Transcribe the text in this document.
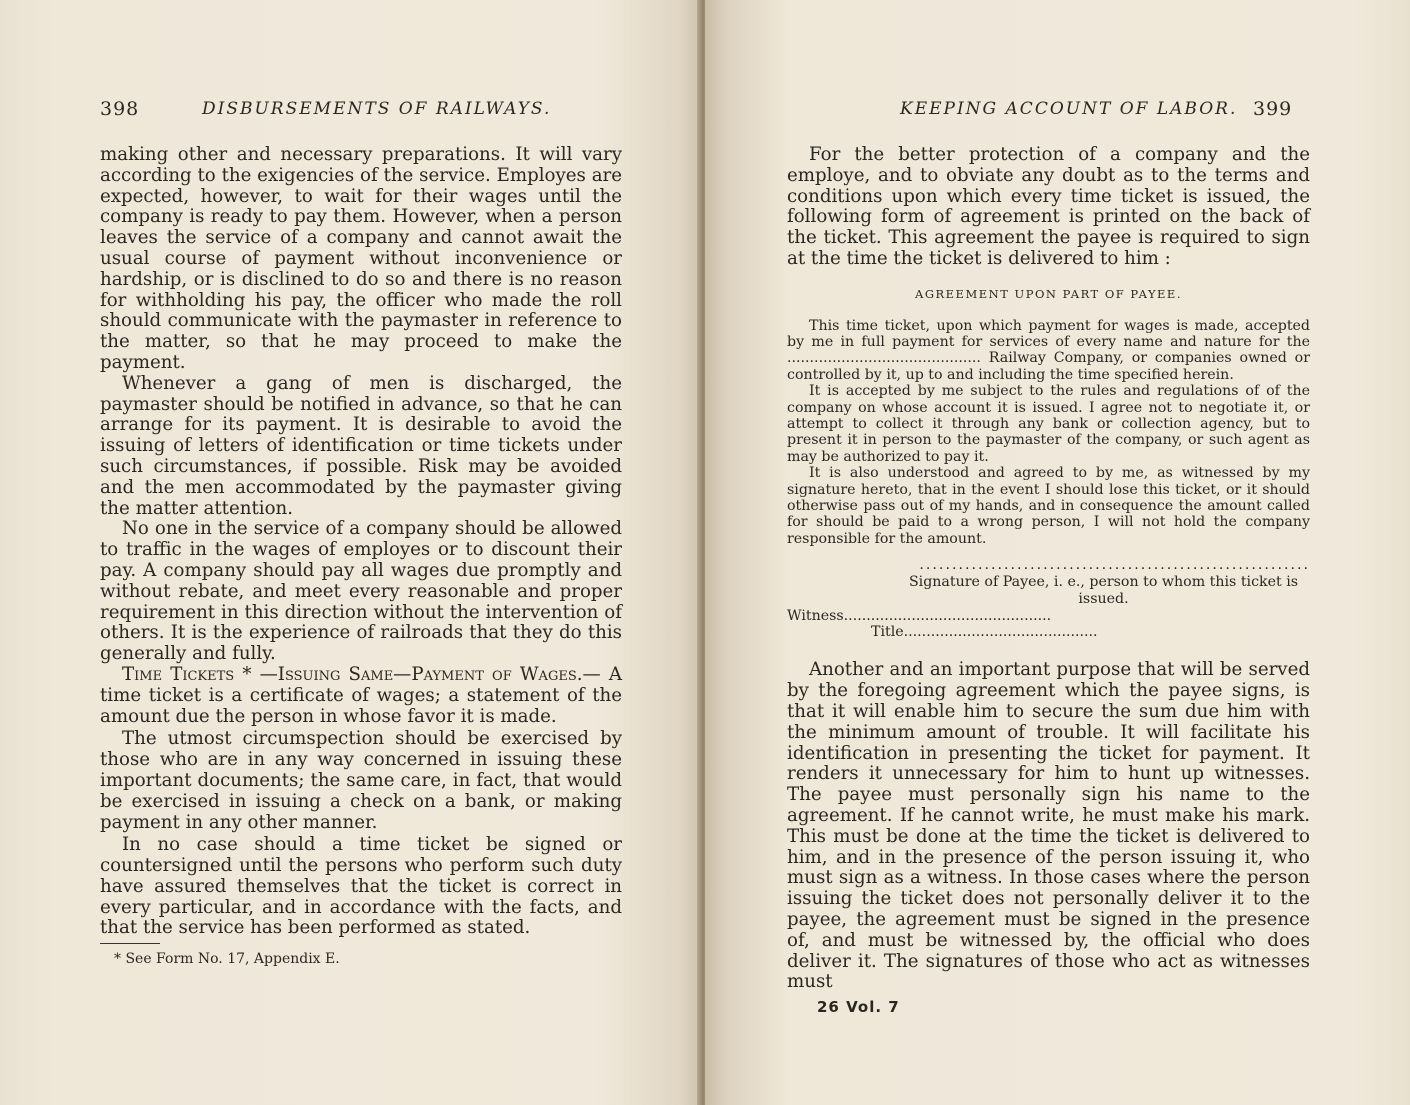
398	DISBURSEMENTS OF RAILWAYS.

making other and necessary preparations. It will vary according to the exigencies of the service. Employes are expected, however, to wait for their wages until the company is ready to pay them. However, when a person leaves the service of a company and cannot await the usual course of payment without inconvenience or hardship, or is disclined to do so and there is no reason for withholding his pay, the officer who made the roll should communicate with the paymaster in reference to the matter, so that he may proceed to make the payment.

Whenever a gang of men is discharged, the paymaster should be notified in advance, so that he can arrange for its payment. It is desirable to avoid the issuing of letters of identification or time tickets under such circumstances, if possible. Risk may be avoided and the men accommodated by the paymaster giving the matter attention.

No one in the service of a company should be allowed to traffic in the wages of employes or to discount their pay. A company should pay all wages due promptly and without rebate, and meet every reasonable and proper requirement in this direction without the intervention of others. It is the experience of railroads that they do this generally and fully.

Time Tickets * —Issuing Same—Payment of Wages.— A time ticket is a certificate of wages; a statement of the amount due the person in whose favor it is made.

The utmost circumspection should be exercised by those who are in any way concerned in issuing these important documents; the same care, in fact, that would be exercised in issuing a check on a bank, or making payment in any other manner.

In no case should a time ticket be signed or countersigned until the persons who perform such duty have assured themselves that the ticket is correct in every particular, and in accordance with the facts, and that the service has been performed as stated.

* See Form No. 17, Appendix E.
KEEPING ACCOUNT OF LABOR. 399

For the better protection of a company and the employe, and to obviate any doubt as to the terms and conditions upon which every time ticket is issued, the following form of agreement is printed on the back of the ticket. This agreement the payee is required to sign at the time the ticket is delivered to him :

AGREEMENT UPON PART OF PAYEE.

This time ticket, upon which payment for wages is made, accepted by me in full payment for services of every name and nature for the ........................................... Railway Company, or companies owned or controlled by it, up to and including the time specified herein.

It is accepted by me subject to the rules and regulations of of the company on whose account it is issued. I agree not to negotiate it, or attempt to collect it through any bank or collection agency, but to present it in person to the paymaster of the company, or such agent as may be authorized to pay it.

It is also understood and agreed to by me, as witnessed by my signature hereto, that in the event I should lose this ticket, or it should otherwise pass out of my hands, and in consequence the amount called for should be paid to a wrong person, I will not hold the company responsible for the amount.

............................................................
Signature of Payee, i. e., person to whom this ticket is issued.
Witness..............................................
Title...........................................

Another and an important purpose that will be served by the foregoing agreement which the payee signs, is that it will enable him to secure the sum due him with the minimum amount of trouble. It will facilitate his identification in presenting the ticket for payment. It renders it unnecessary for him to hunt up witnesses. The payee must personally sign his name to the agreement. If he cannot write, he must make his mark. This must be done at the time the ticket is delivered to him, and in the presence of the person issuing it, who must sign as a witness. In those cases where the person issuing the ticket does not personally deliver it to the payee, the agreement must be signed in the presence of, and must be witnessed by, the official who does deliver it. The signatures of those who act as witnesses must

26 Vol. 7
